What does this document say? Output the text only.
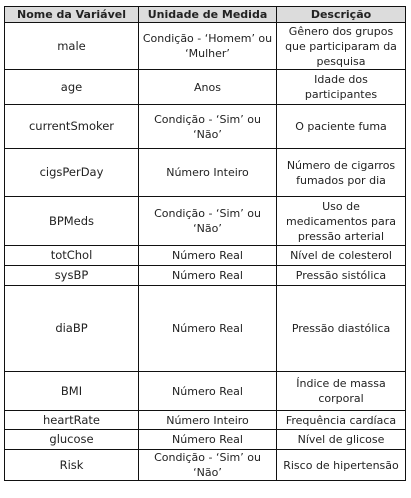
Nome da Variável	Unidade de Medida	Descrição
male	Condição - ‘Homem’ ou ‘Mulher’	Gênero dos grupos que participaram da pesquisa
age	Anos	Idade dos participantes
currentSmoker	Condição - ‘Sim’ ou ‘Não’	O paciente fuma
cigsPerDay	Número Inteiro	Número de cigarros fumados por dia
BPMeds	Condição - ‘Sim’ ou ‘Não’	Uso de medicamentos para pressão arterial
totChol	Número Real	Nível de colesterol
sysBP	Número Real	Pressão sistólica
diaBP	Número Real	Pressão diastólica
BMI	Número Real	Índice de massa corporal
heartRate	Número Inteiro	Frequência cardíaca
glucose	Número Real	Nível de glicose
Risk	Condição - ‘Sim’ ou ‘Não’	Risco de hipertensão
